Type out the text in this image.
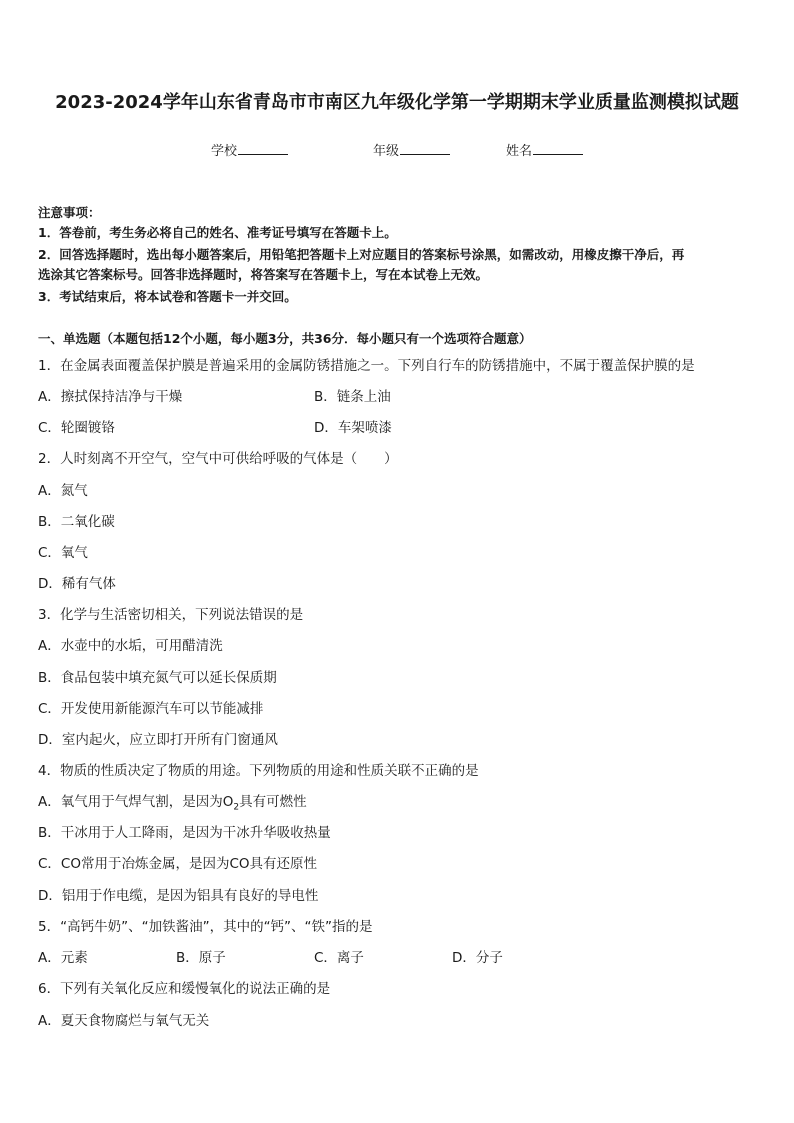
2023-2024学年山东省青岛市市南区九年级化学第一学期期末学业质量监测模拟试题
学校	年级	姓名
注意事项：
1．答卷前，考生务必将自己的姓名、准考证号填写在答题卡上。
2．回答选择题时，选出每小题答案后，用铅笔把答题卡上对应题目的答案标号涂黑，如需改动，用橡皮擦干净后，再
选涂其它答案标号。回答非选择题时，将答案写在答题卡上，写在本试卷上无效。
3．考试结束后，将本试卷和答题卡一并交回。
一、单选题（本题包括12个小题，每小题3分，共36分．每小题只有一个选项符合题意）
1．在金属表面覆盖保护膜是普遍采用的金属防锈措施之一。下列自行车的防锈措施中，不属于覆盖保护膜的是
A．擦拭保持洁净与干燥	B．链条上油
C．轮圈镀铬	D．车架喷漆
2．人时刻离不开空气，空气中可供给呼吸的气体是（　　）
A．氮气
B．二氧化碳
C．氧气
D．稀有气体
3．化学与生活密切相关，下列说法错误的是
A．水壶中的水垢，可用醋清洗
B．食品包装中填充氮气可以延长保质期
C．开发使用新能源汽车可以节能减排
D．室内起火，应立即打开所有门窗通风
4．物质的性质决定了物质的用途。下列物质的用途和性质关联不正确的是
A．氧气用于气焊气割，是因为$O_2$具有可燃性
B．干冰用于人工降雨，是因为干冰升华吸收热量
C．CO常用于冶炼金属，是因为CO具有还原性
D．铝用于作电缆，是因为铝具有良好的导电性
5．“高钙牛奶”、“加铁酱油”，其中的“钙”、“铁”指的是
A．元素	B．原子	C．离子	D．分子
6．下列有关氧化反应和缓慢氧化的说法正确的是
A．夏天食物腐烂与氧气无关
